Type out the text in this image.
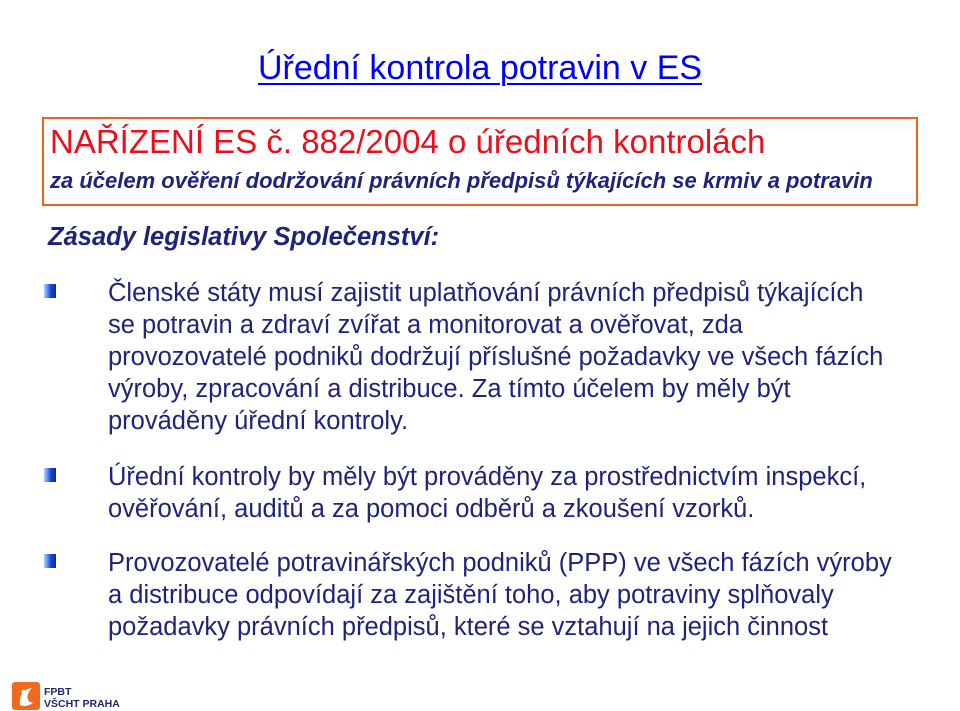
Úřední kontrola potravin v ES
NAŘÍZENÍ ES č. 882/2004 o úředních kontrolách
za účelem ověření dodržování právních předpisů týkajících se krmiv a potravin
Zásady legislativy Společenství:
Členské státy musí zajistit uplatňování právních předpisů týkajících
se potravin a zdraví zvířat a monitorovat a ověřovat, zda
provozovatelé podniků dodržují příslušné požadavky ve všech fázích
výroby, zpracování a distribuce. Za tímto účelem by měly být
prováděny úřední kontroly.
Úřední kontroly by měly být prováděny za prostřednictvím inspekcí,
ověřování, auditů a za pomoci odběrů a zkoušení vzorků.
Provozovatelé potravinářských podniků (PPP) ve všech fázích výroby
a distribuce odpovídají za zajištění toho, aby potraviny splňovaly
požadavky právních předpisů, které se vztahují na jejich činnost
FPBT
VŠCHT PRAHA
